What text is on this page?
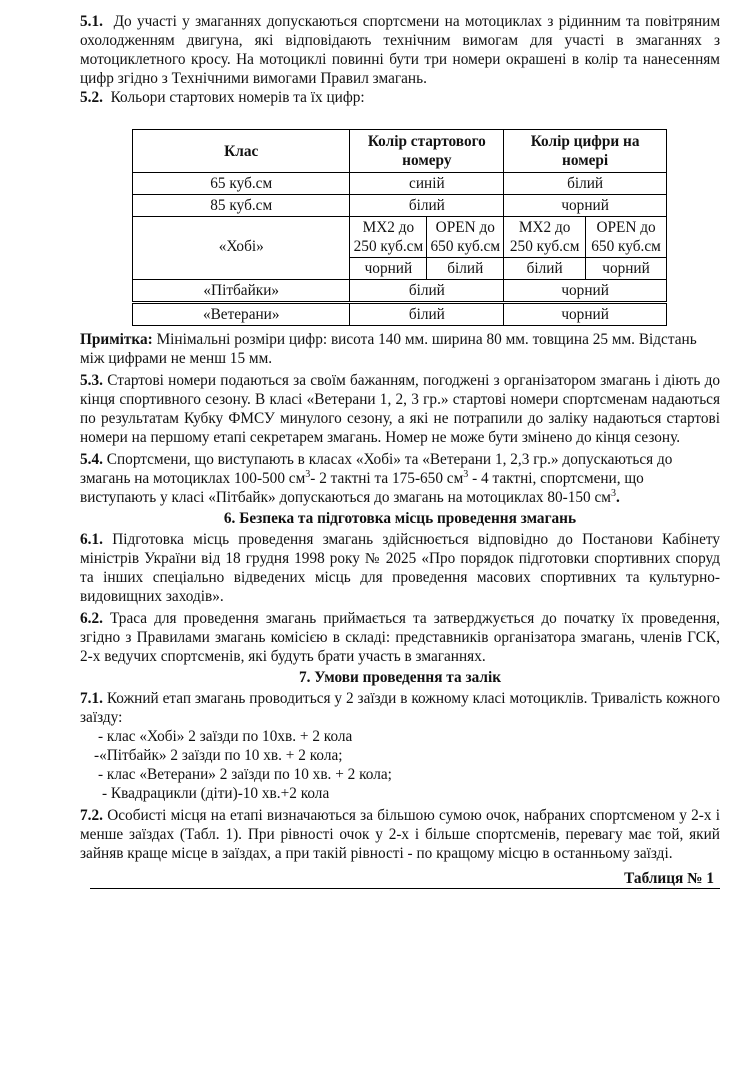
5.1. До участі у змаганнях допускаються спортсмени на мотоциклах з рідинним та повітряним охолодженням двигуна, які відповідають технічним вимогам для участі в змаганнях з мотоциклетного кросу. На мотоциклі повинні бути три номери окрашені в колір та нанесенням цифр згідно з Технічними вимогами Правил змагань.

5.2. Кольори стартових номерів та їх цифр:

Клас	Колір стартового номеру		Колір цифри на номері	
65 куб.см	синій		білий	
85 куб.см	білий		чорний	
«Хобі»	MX2 до 250 куб.см	OPEN до 650 куб.см	MX2 до 250 куб.см	OPEN до 650 куб.см
	чорний	білий	білий	чорний
«Пітбайки»	білий		чорний	
«Ветерани»	білий		чорний	

Примітка: Мінімальні розміри цифр: висота 140 мм. ширина 80 мм. товщина 25 мм. Відстань між цифрами не менш 15 мм.

5.3. Стартові номери подаються за своїм бажанням, погоджені з організатором змагань і діють до кінця спортивного сезону. В класі «Ветерани 1, 2, 3 гр.» стартові номери спортсменам надаються по результатам Кубку ФМСУ минулого сезону, а які не потрапили до заліку надаються стартові номери на першому етапі секретарем змагань. Номер не може бути змінено до кінця сезону.

5.4. Спортсмени, що виступають в класах «Хобі» та «Ветерани 1, 2,3 гр.» допускаються до змагань на мотоциклах 100-500 $см^3-$ 2 тактні та 175-650 $см^3 - 4$ тактні, спортсмени, що виступають у класі «Пітбайк» допускаються до змагань на мотоциклах 80-150 $см^3$.

6. Безпека та підготовка місць проведення змагань

6.1. Підготовка місць проведення змагань здійснюється відповідно до Постанови Кабінету міністрів України від 18 грудня 1998 року № 2025 «Про порядок підготовки спортивних споруд та інших спеціально відведених місць для проведення масових спортивних та культурно-видовищних заходів».

6.2. Траса для проведення змагань приймається та затверджується до початку їх проведення, згідно з Правилами змагань комісією в складі: представників організатора змагань, членів ГСК, 2-х ведучих спортсменів, які будуть брати участь в змаганнях.

7. Умови проведення та залік

7.1. Кожний етап змагань проводиться у 2 заїзди в кожному класі мотоциклів. Тривалість кожного заїзду:

- клас «Хобі» 2 заїзди по 10хв. + 2 кола

-«Пітбайк» 2 заїзди по 10 хв. + 2 кола;

- клас «Ветерани» 2 заїзди по 10 хв. + 2 кола;

- Квадрацикли (діти)-10 хв.+2 кола

7.2. Особисті місця на етапі визначаються за більшою сумою очок, набраних спортсменом у 2-х і менше заїздах (Табл. 1). При рівності очок у 2-х і більше спортсменів, перевагу має той, який зайняв краще місце в заїздах, а при такій рівності - по кращому місцю в останньому заїзді.

Таблиця № 1
